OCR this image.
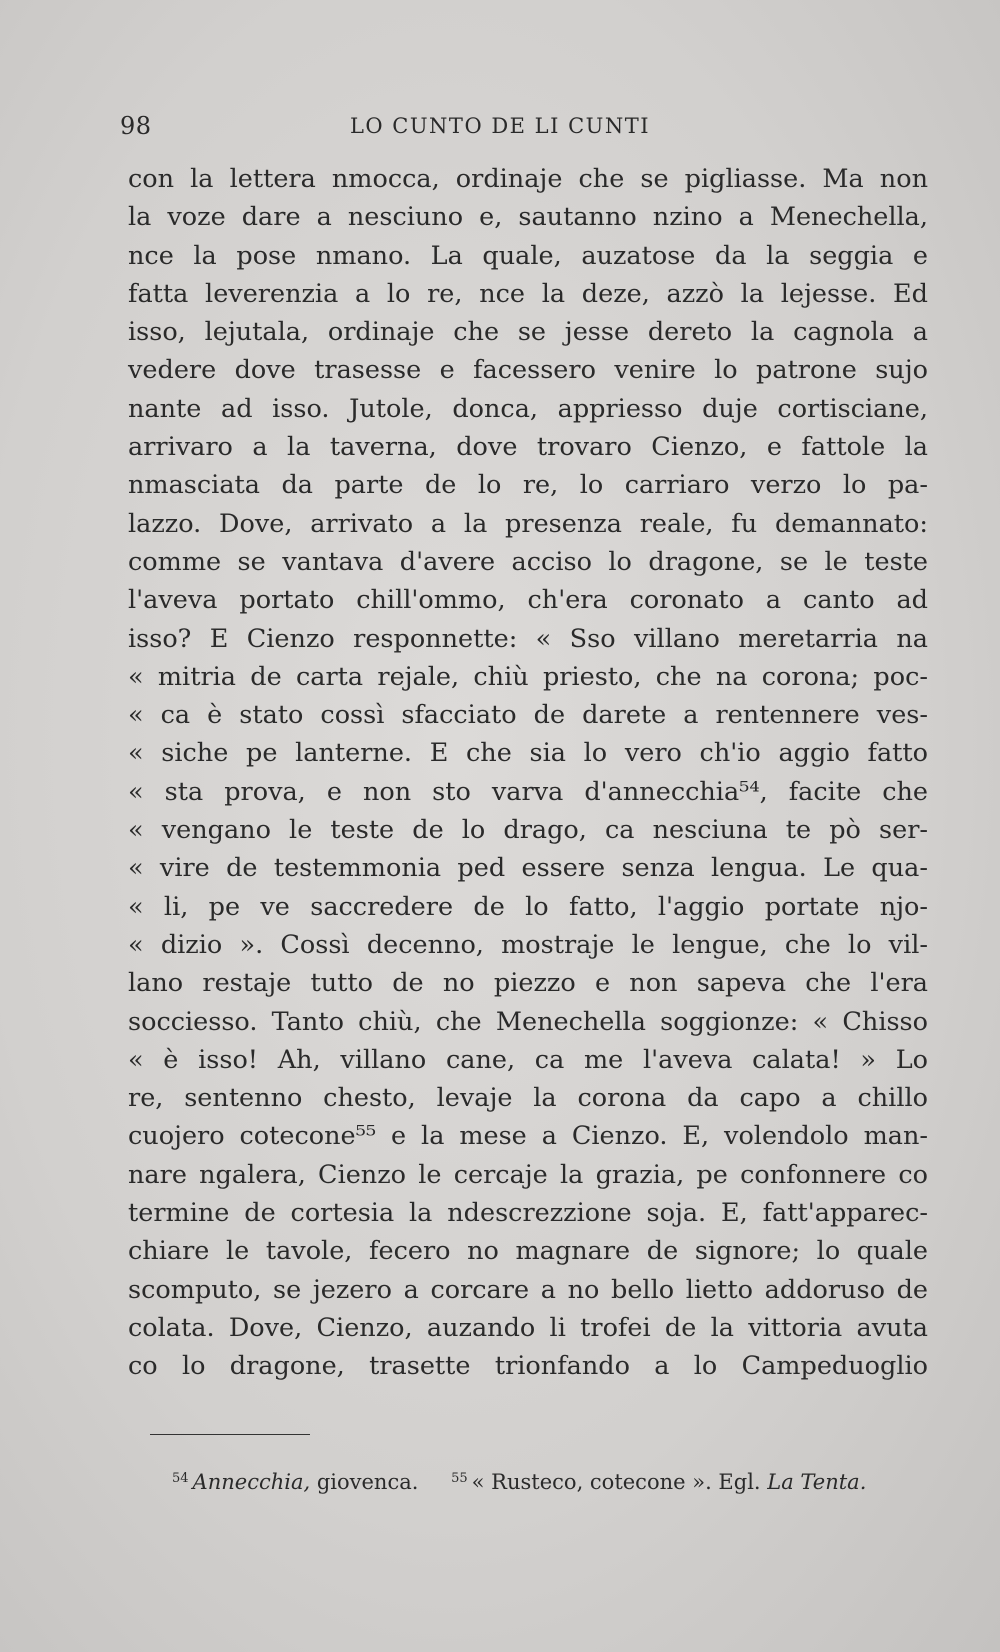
98	LO CUNTO DE LI CUNTI
con la lettera nmocca, ordinaje che se pigliasse. Ma non
la voze dare a nesciuno e, sautanno nzino a Menechella,
nce la pose nmano. La quale, auzatose da la seggia e
fatta leverenzia a lo re, nce la deze, azzò la lejesse. Ed
isso, lejutala, ordinaje che se jesse dereto la cagnola a
vedere dove trasesse e facessero venire lo patrone sujo
nante ad isso. Jutole, donca, appriesso duje cortisciane,
arrivaro a la taverna, dove trovaro Cienzo, e fattole la
nmasciata da parte de lo re, lo carriaro verzo lo pa-
lazzo. Dove, arrivato a la presenza reale, fu demannato:
comme se vantava d'avere acciso lo dragone, se le teste
l'aveva portato chill'ommo, ch'era coronato a canto ad
isso? E Cienzo responnette: « Sso villano meretarria na
« mitria de carta rejale, chiù priesto, che na corona; poc-
« ca è stato cossì sfacciato de darete a rentennere ves-
« siche pe lanterne. E che sia lo vero ch'io aggio fatto
« sta prova, e non sto varva d'annecchia⁵⁴, facite che
« vengano le teste de lo drago, ca nesciuna te pò ser-
« vire de testemmonia ped essere senza lengua. Le qua-
« li, pe ve saccredere de lo fatto, l'aggio portate njo-
« dizio ». Cossì decenno, mostraje le lengue, che lo vil-
lano restaje tutto de no piezzo e non sapeva che l'era
socciesso. Tanto chiù, che Menechella soggionze: « Chisso
« è isso! Ah, villano cane, ca me l'aveva calata! » Lo
re, sentenno chesto, levaje la corona da capo a chillo
cuojero cotecone⁵⁵ e la mese a Cienzo. E, volendolo man-
nare ngalera, Cienzo le cercaje la grazia, pe confonnere co
termine de cortesia la ndescrezzione soja. E, fatt'apparec-
chiare le tavole, fecero no magnare de signore; lo quale
scomputo, se jezero a corcare a no bello lietto addoruso de
colata. Dove, Cienzo, auzando li trofei de la vittoria avuta
co lo dragone, trasette trionfando a lo Campeduoglio
$^{54}$ Annecchia, giovenca.	$^{55}$ « Rusteco, cotecone ». Egl. La Tenta.
